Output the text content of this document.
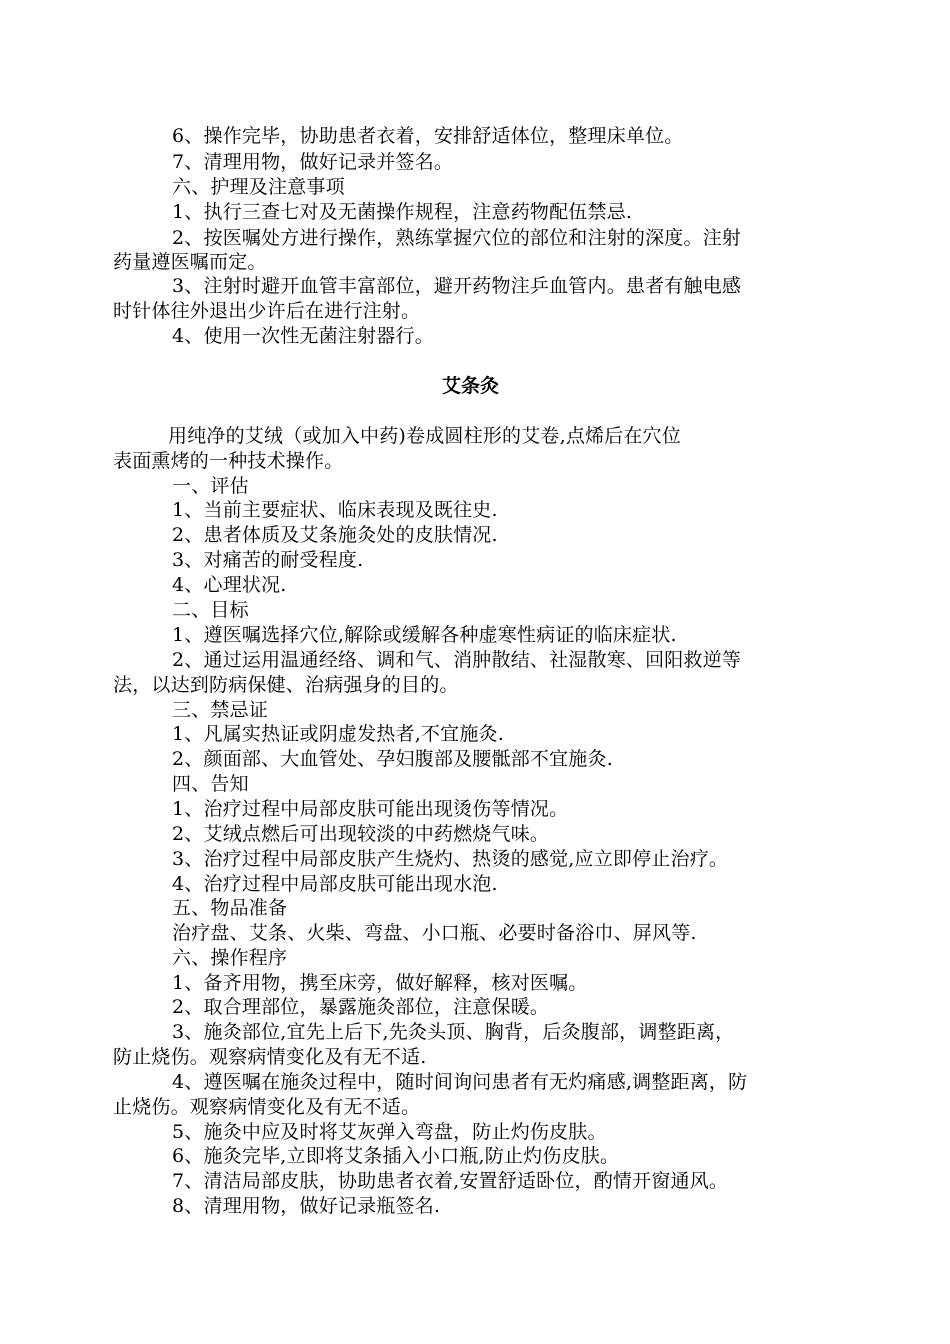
6、操作完毕，协助患者衣着，安排舒适体位，整理床单位。
7、清理用物，做好记录并签名。
六、护理及注意事项
1、执行三查七对及无菌操作规程，注意药物配伍禁忌.
2、按医嘱处方进行操作，熟练掌握穴位的部位和注射的深度。注射
药量遵医嘱而定。
3、注射时避开血管丰富部位，避开药物注乒血管内。患者有触电感
时针体往外退出少许后在进行注射。
4、使用一次性无菌注射器行。
艾条灸
用纯净的艾绒（或加入中药)卷成圆柱形的艾卷,点烯后在穴位
表面熏烤的一种技术操作。
一、评估
1、当前主要症状、临床表现及既往史.
2、患者体质及艾条施灸处的皮肤情况.
3、对痛苦的耐受程度.
4、心理状况.
二、目标
1、遵医嘱选择穴位,解除或缓解各种虚寒性病证的临床症状.
2、通过运用温通经络、调和气、消肿散结、社湿散寒、回阳救逆等
法，以达到防病保健、治病强身的目的。
三、禁忌证
1、凡属实热证或阴虚发热者,不宜施灸.
2、颜面部、大血管处、孕妇腹部及腰骶部不宜施灸.
四、告知
1、治疗过程中局部皮肤可能出现烫伤等情况。
2、艾绒点燃后可出现较淡的中药燃烧气味。
3、治疗过程中局部皮肤产生烧灼、热烫的感觉,应立即停止治疗。
4、治疗过程中局部皮肤可能出现水泡.
五、物品准备
治疗盘、艾条、火柴、弯盘、小口瓶、必要时备浴巾、屏风等.
六、操作程序
1、备齐用物，携至床旁，做好解释，核对医嘱。
2、取合理部位，暴露施灸部位，注意保暖。
3、施灸部位,宜先上后下,先灸头顶、胸背，后灸腹部，调整距离，
防止烧伤。观察病情变化及有无不适.
4、遵医嘱在施灸过程中，随时间询问患者有无灼痛感,调整距离，防
止烧伤。观察病情变化及有无不适。
5、施灸中应及时将艾灰弹入弯盘，防止灼伤皮肤。
6、施灸完毕,立即将艾条插入小口瓶,防止灼伤皮肤。
7、清洁局部皮肤，协助患者衣着,安置舒适卧位，酌情开窗通风。
8、清理用物，做好记录瓶签名.
